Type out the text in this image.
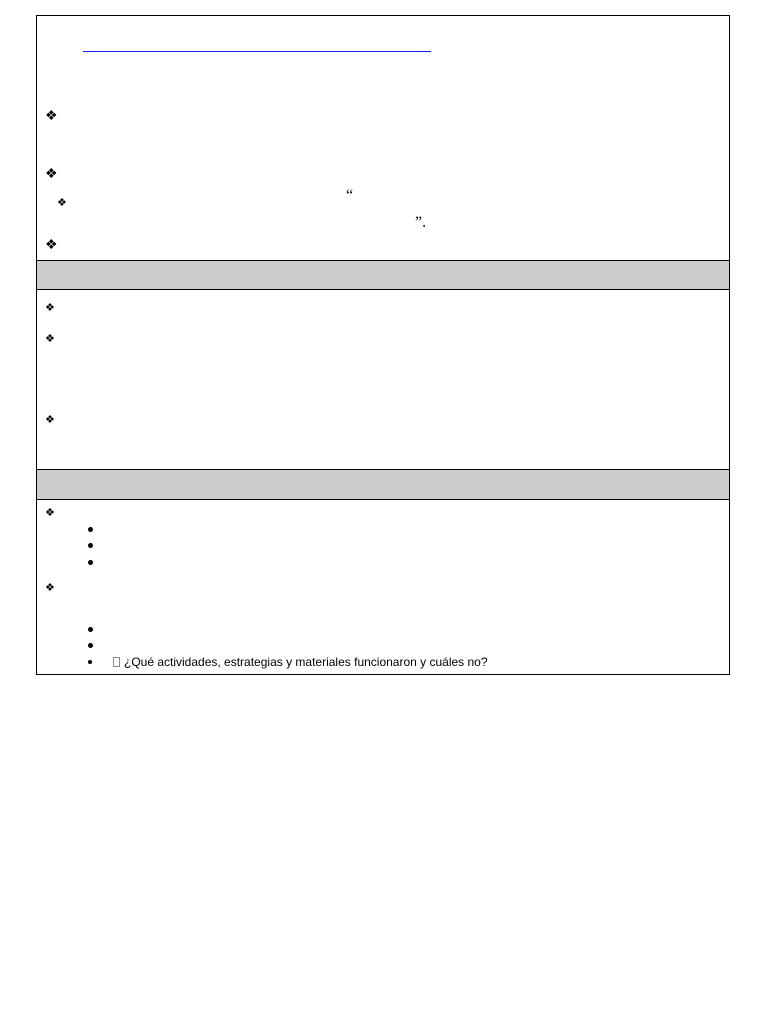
❖
❖
❖	“
”.
❖
❖
❖
❖
❖
❖
¿Qué actividades, estrategias y materiales funcionaron y cuáles no?
